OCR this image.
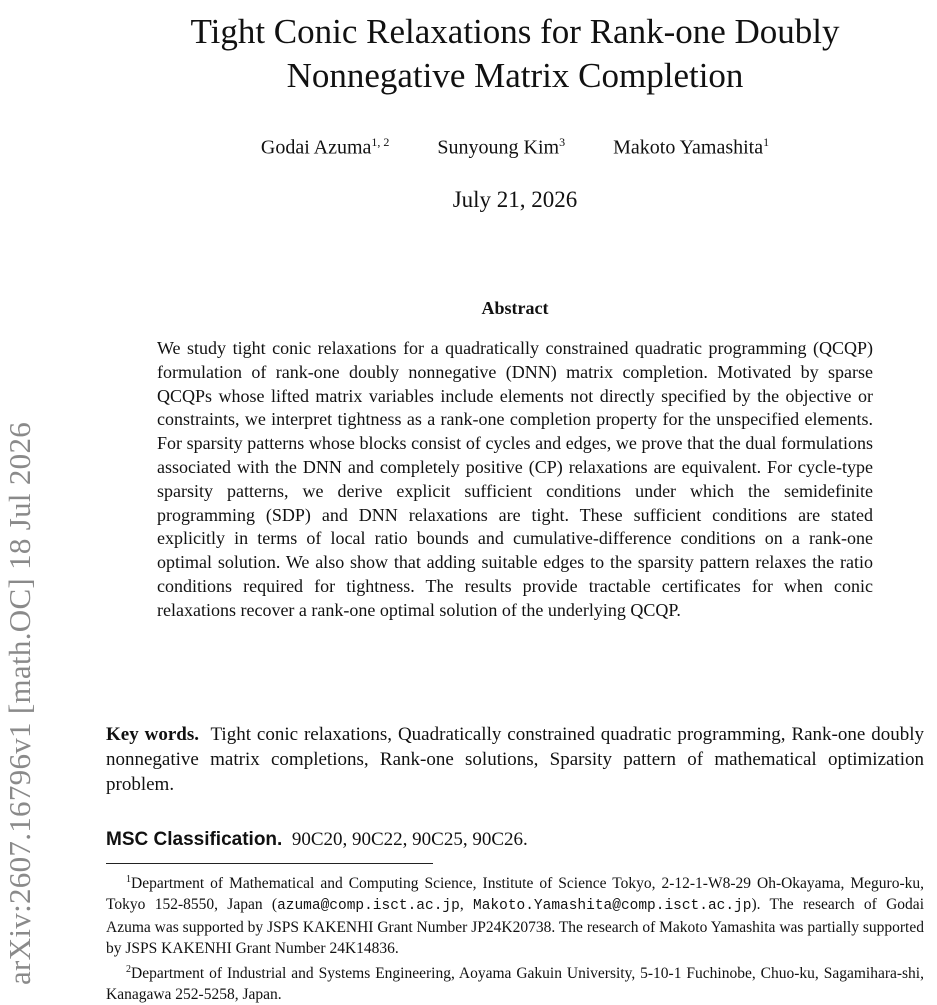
arXiv:2607.16796v1 [math.OC] 18 Jul 2026
Tight Conic Relaxations for Rank-one Doubly
Nonnegative Matrix Completion
Godai Azuma$^{1, 2}$ Sunyoung Kim$^3$ Makoto Yamashita$^1$
July 21, 2026
Abstract
We study tight conic relaxations for a quadratically constrained quadratic programming (QCQP) formulation of rank-one doubly nonnegative (DNN) matrix completion. Motivated by sparse QCQPs whose lifted matrix variables include elements not directly specified by the objective or constraints, we interpret tightness as a rank-one completion property for the unspecified elements. For sparsity patterns whose blocks consist of cycles and edges, we prove that the dual formulations associated with the DNN and completely positive (CP) relaxations are equivalent. For cycle-type sparsity patterns, we derive explicit sufficient conditions under which the semidefinite programming (SDP) and DNN relaxations are tight. These sufficient conditions are stated explicitly in terms of local ratio bounds and cumulative-difference conditions on a rank-one optimal solution. We also show that adding suitable edges to the sparsity pattern relaxes the ratio conditions required for tightness. The results provide tractable certificates for when conic relaxations recover a rank-one optimal solution of the underlying QCQP.
Key words. Tight conic relaxations, Quadratically constrained quadratic programming, Rank-one doubly nonnegative matrix completions, Rank-one solutions, Sparsity pattern of mathematical optimization problem.
MSC Classification. 90C20, 90C22, 90C25, 90C26.

$^1$Department of Mathematical and Computing Science, Institute of Science Tokyo, 2-12-1-W8-29 Oh-Okayama, Meguro-ku, Tokyo 152-8550, Japan (azuma@comp.isct.ac.jp, Makoto.Yamashita@comp.isct.ac.jp). The research of Godai Azuma was supported by JSPS KAKENHI Grant Number JP24K20738. The research of Makoto Yamashita was partially supported by JSPS KAKENHI Grant Number 24K14836.

$^2$Department of Industrial and Systems Engineering, Aoyama Gakuin University, 5-10-1 Fuchinobe, Chuo-ku, Sagamihara-shi, Kanagawa 252-5258, Japan.
